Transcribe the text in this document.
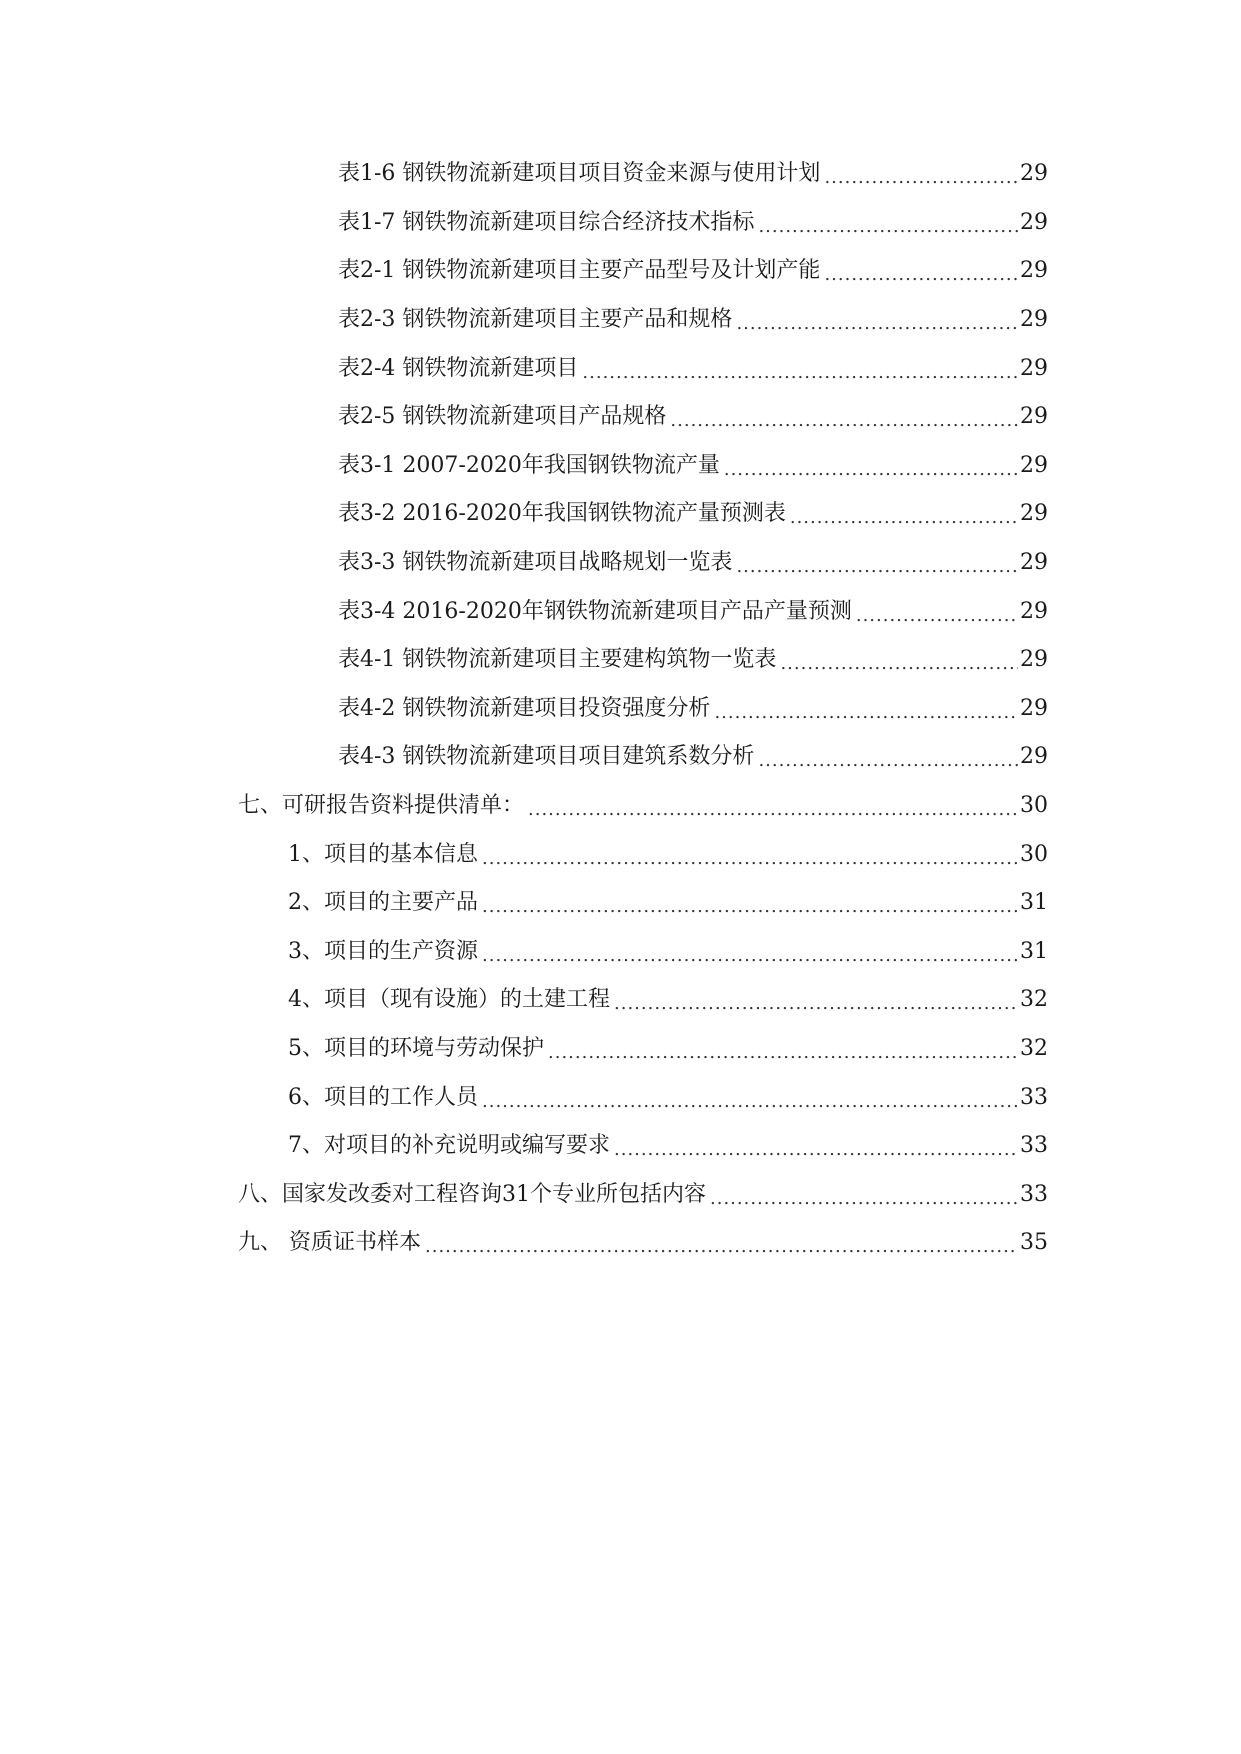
表1-6 钢铁物流新建项目项目资金来源与使用计划 .....	29
表1-7 钢铁物流新建项目综合经济技术指标 .....	29
表2-1 钢铁物流新建项目主要产品型号及计划产能 .....	29
表2-3 钢铁物流新建项目主要产品和规格 .....	29
表2-4 钢铁物流新建项目 .....	29
表2-5 钢铁物流新建项目产品规格 .....	29
表3-1 2007-2020年我国钢铁物流产量 .....	29
表3-2 2016-2020年我国钢铁物流产量预测表 .....	29
表3-3 钢铁物流新建项目战略规划一览表 .....	29
表3-4 2016-2020年钢铁物流新建项目产品产量预测 .....	29
表4-1 钢铁物流新建项目主要建构筑物一览表 .....	29
表4-2 钢铁物流新建项目投资强度分析 .....	29
表4-3 钢铁物流新建项目项目建筑系数分析 .....	29
七、可研报告资料提供清单： .....	30
1、项目的基本信息 .....	30
2、项目的主要产品 .....	31
3、项目的生产资源 .....	31
4、项目（现有设施）的土建工程 .....	32
5、项目的环境与劳动保护 .....	32
6、项目的工作人员 .....	33
7、对项目的补充说明或编写要求 .....	33
八、国家发改委对工程咨询31个专业所包括内容 .....	33
九、 资质证书样本 .....	35
